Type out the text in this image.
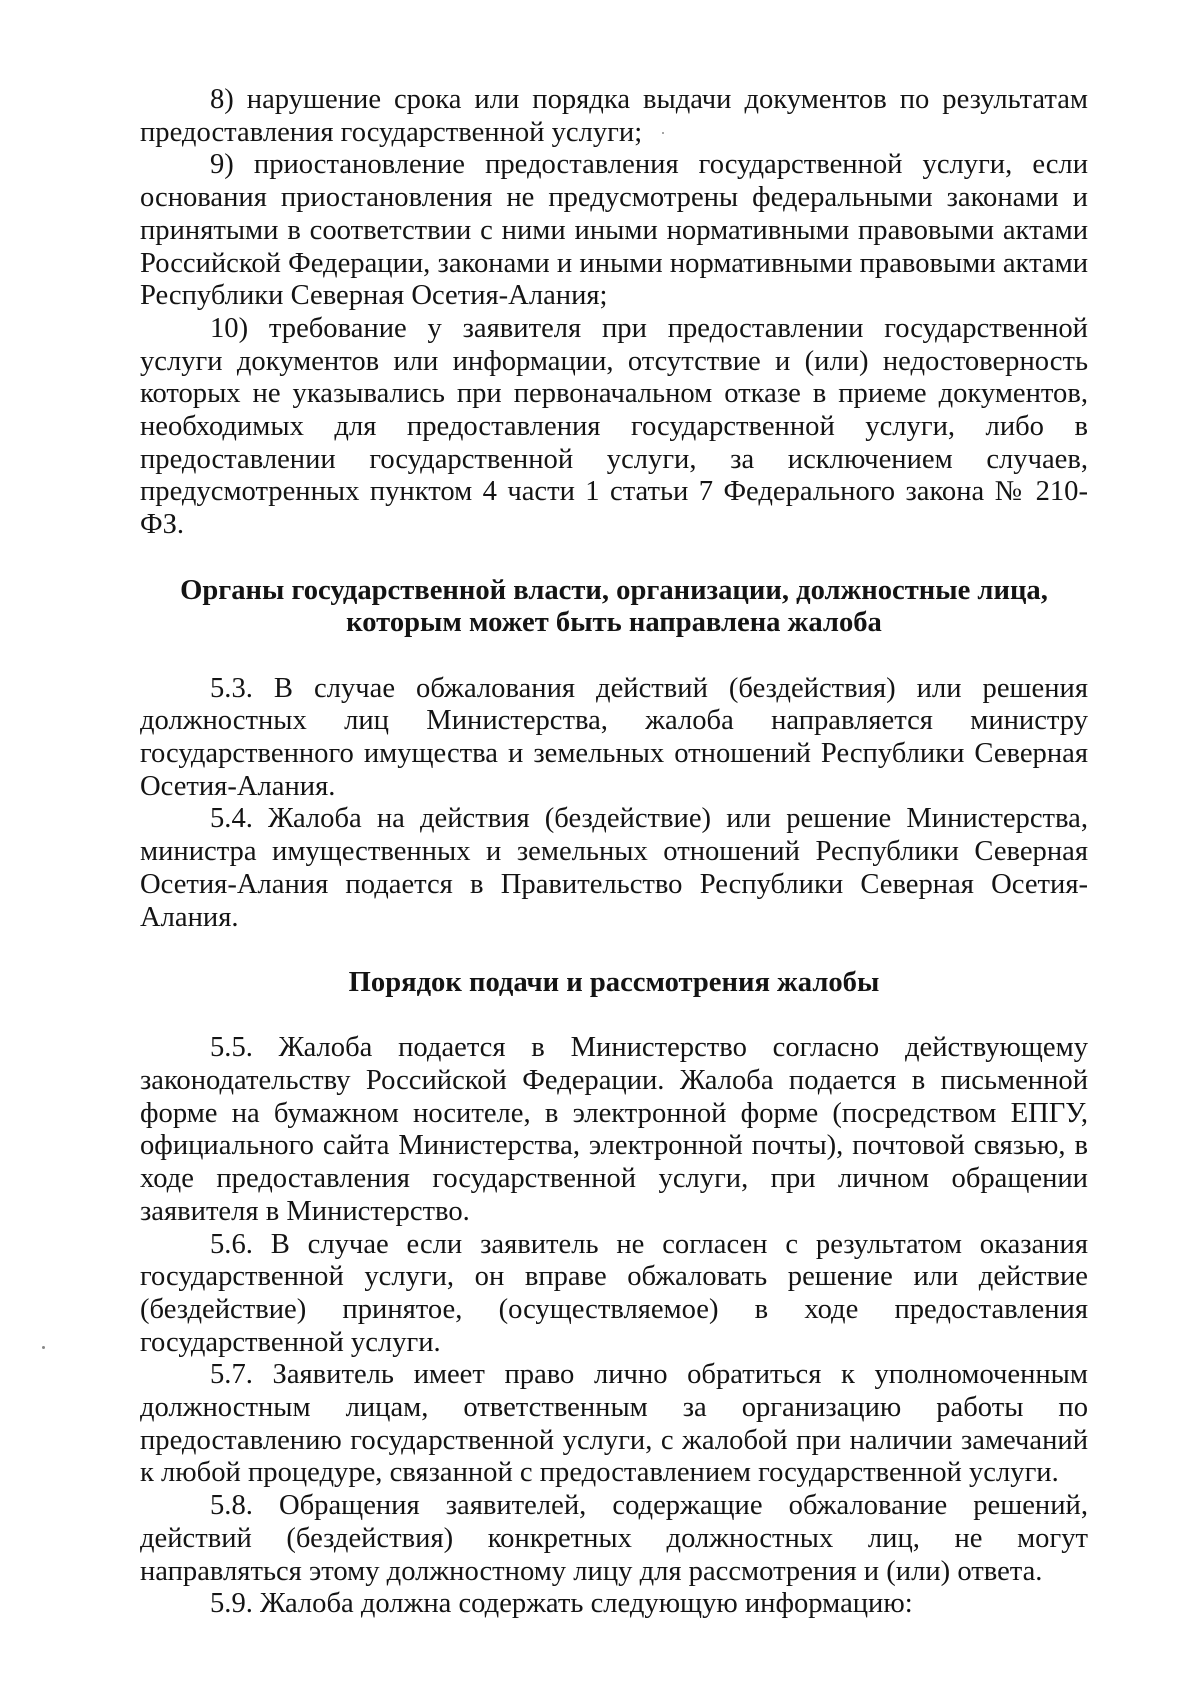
8) нарушение срока или порядка выдачи документов по результатам предоставления государственной услуги;

9) приостановление предоставления государственной услуги, если основания приостановления не предусмотрены федеральными законами и принятыми в соответствии с ними иными нормативными правовыми актами Российской Федерации, законами и иными нормативными правовыми актами Республики Северная Осетия-Алания;

10) требование у заявителя при предоставлении государственной услуги документов или информации, отсутствие и (или) недостоверность которых не указывались при первоначальном отказе в приеме документов, необходимых для предоставления государственной услуги, либо в предоставлении государственной услуги, за исключением случаев, предусмотренных пунктом 4 части 1 статьи 7 Федерального закона № 210-ФЗ.

Органы государственной власти, организации, должностные лица,
которым может быть направлена жалоба

5.3. В случае обжалования действий (бездействия) или решения должностных лиц Министерства, жалоба направляется министру государственного имущества и земельных отношений Республики Северная Осетия-Алания.

5.4. Жалоба на действия (бездействие) или решение Министерства, министра имущественных и земельных отношений Республики Северная Осетия-Алания подается в Правительство Республики Северная Осетия-Алания.

Порядок подачи и рассмотрения жалобы

5.5. Жалоба подается в Министерство согласно действующему законодательству Российской Федерации. Жалоба подается в письменной форме на бумажном носителе, в электронной форме (посредством ЕПГУ, официального сайта Министерства, электронной почты), почтовой связью, в ходе предоставления государственной услуги, при личном обращении заявителя в Министерство.

5.6. В случае если заявитель не согласен с результатом оказания государственной услуги, он вправе обжаловать решение или действие (бездействие) принятое, (осуществляемое) в ходе предоставления государственной услуги.

5.7. Заявитель имеет право лично обратиться к уполномоченным должностным лицам, ответственным за организацию работы по предоставлению государственной услуги, с жалобой при наличии замечаний к любой процедуре, связанной с предоставлением государственной услуги.

5.8. Обращения заявителей, содержащие обжалование решений, действий (бездействия) конкретных должностных лиц, не могут направляться этому должностному лицу для рассмотрения и (или) ответа.

5.9. Жалоба должна содержать следующую информацию:
